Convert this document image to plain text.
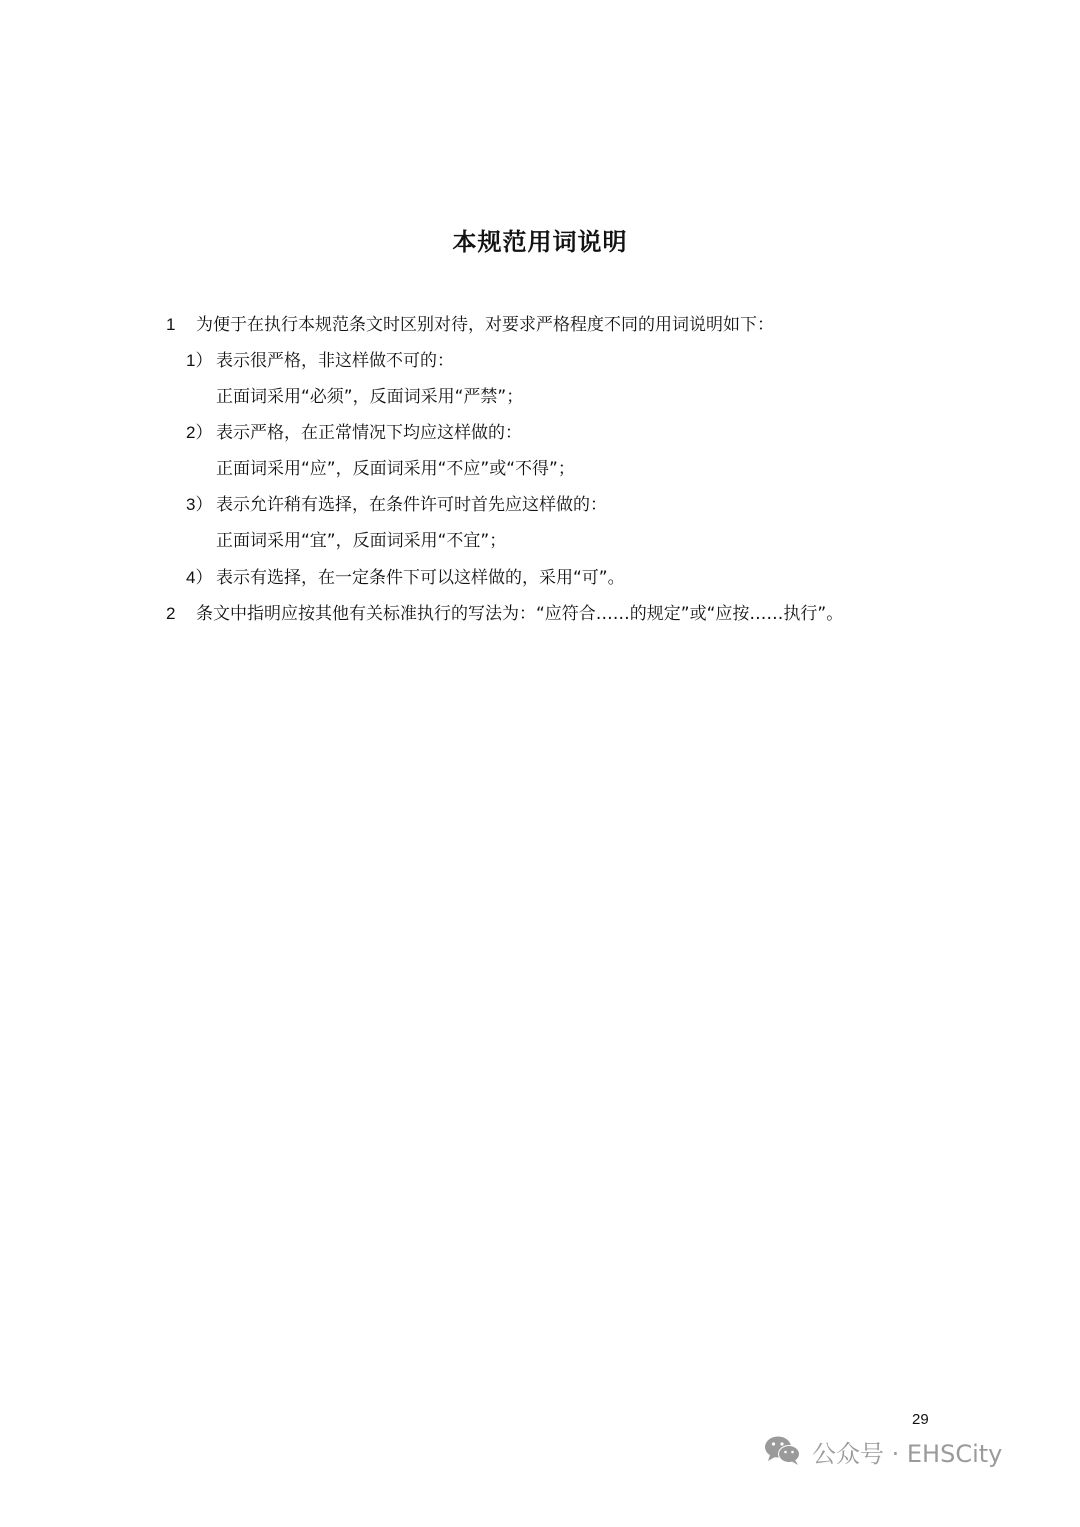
本规范用词说明
1 为便于在执行本规范条文时区别对待，对要求严格程度不同的用词说明如下：
1） 表示很严格，非这样做不可的：
正面词采用“必须”，反面词采用“严禁”；
2） 表示严格，在正常情况下均应这样做的：
正面词采用“应”，反面词采用“不应”或“不得”；
3） 表示允许稍有选择，在条件许可时首先应这样做的：
正面词采用“宜”，反面词采用“不宜”；
4） 表示有选择，在一定条件下可以这样做的，采用“可”。
2 条文中指明应按其他有关标准执行的写法为：“应符合……的规定”或“应按……执行”。
29
公众号 · EHSCity
